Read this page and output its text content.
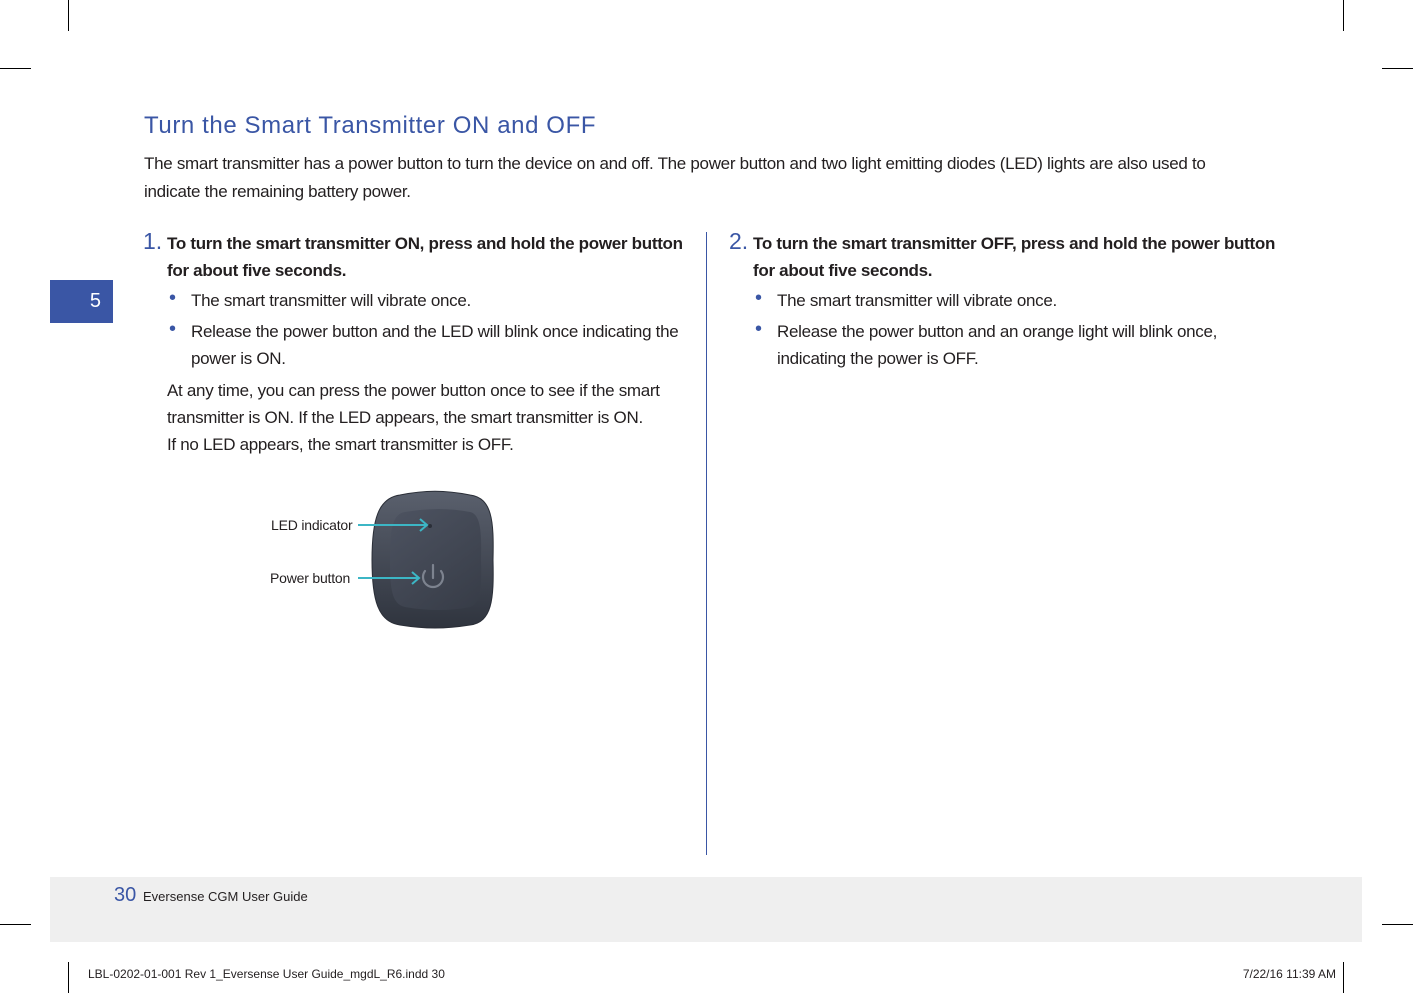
5
Turn the Smart Transmitter ON and OFF

The smart transmitter has a power button to turn the device on and off. The power button and two light emitting diodes (LED) lights are also used to indicate the remaining battery power.

1. To turn the smart transmitter ON, press and hold the power button for about five seconds.

• The smart transmitter will vibrate once.
• Release the power button and the LED will blink once indicating the power is ON.

At any time, you can press the power button once to see if the smart transmitter is ON. If the LED appears, the smart transmitter is ON.
If no LED appears, the smart transmitter is OFF.

2. To turn the smart transmitter OFF, press and hold the power button for about five seconds.

• The smart transmitter will vibrate once.
• Release the power button and an orange light will blink once, indicating the power is OFF.
LED indicator
Power button
30 Eversense CGM User Guide
LBL-0202-01-001 Rev 1_Eversense User Guide_mgdL_R6.indd 30	7/22/16 11:39 AM
